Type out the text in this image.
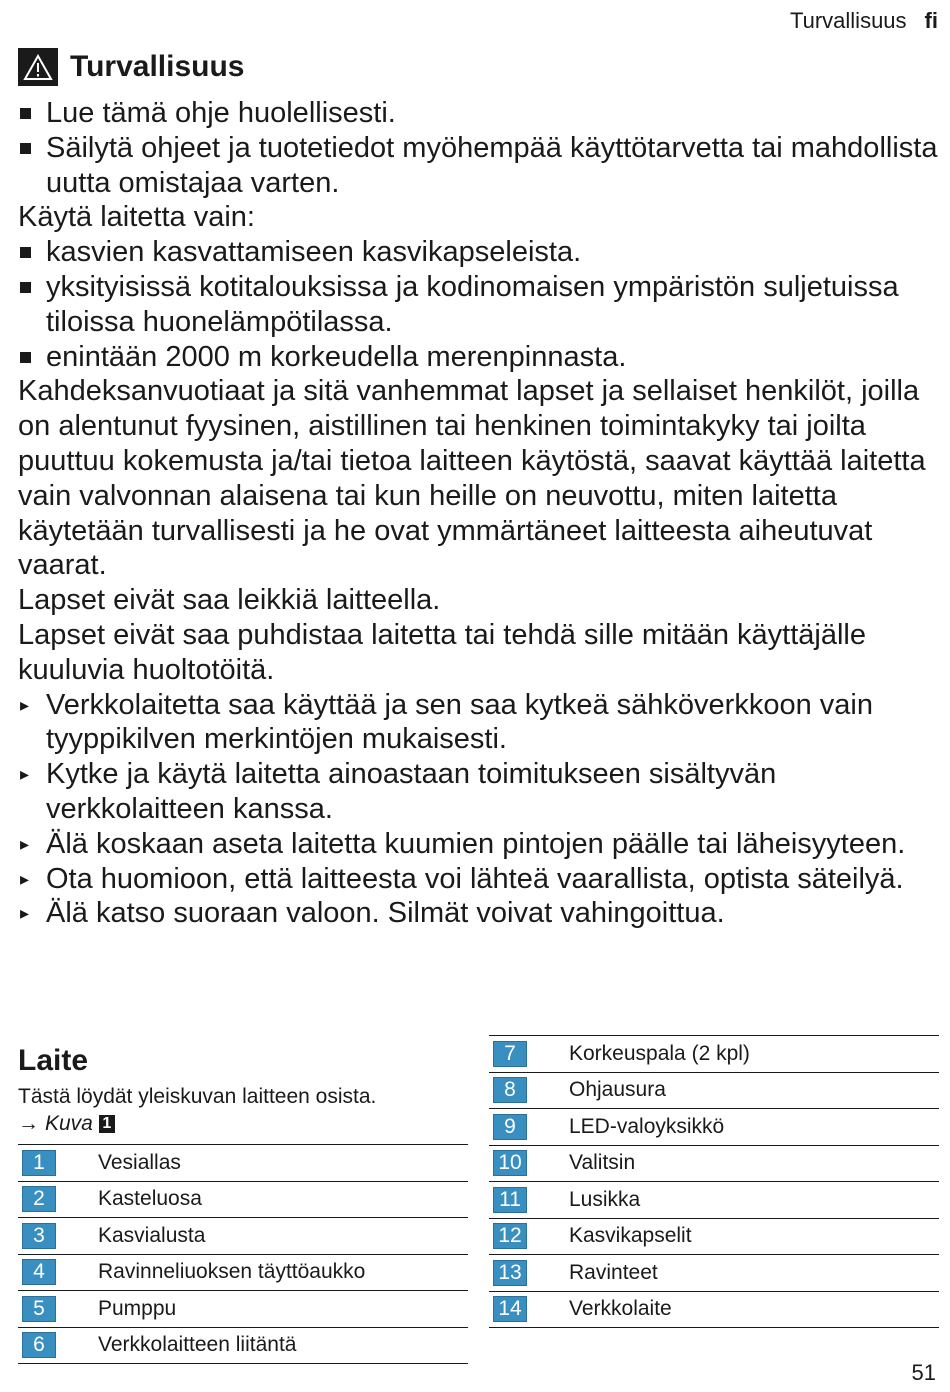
Turvallisuus fi
Turvallisuus
Lue tämä ohje huolellisesti.
Säilytä ohjeet ja tuotetiedot myöhempää käyttötarvetta tai mahdollista uutta omistajaa varten.

Käytä laitetta vain:

kasvien kasvattamiseen kasvikapseleista.
yksityisissä kotitalouksissa ja kodinomaisen ympäristön suljetuissa tiloissa huonelämpötilassa.
enintään 2000 m korkeudella merenpinnasta.

Kahdeksanvuotiaat ja sitä vanhemmat lapset ja sellaiset henkilöt, joilla on alentunut fyysinen, aistillinen tai henkinen toimintakyky tai joilta puuttuu kokemusta ja/tai tietoa laitteen käytöstä, saavat käyttää laitetta vain valvonnan alaisena tai kun heille on neuvottu, miten laitetta käytetään turvallisesti ja he ovat ymmärtäneet laitteesta aiheutuvat vaarat.

Lapset eivät saa leikkiä laitteella.

Lapset eivät saa puhdistaa laitetta tai tehdä sille mitään käyttäjälle kuuluvia huoltotöitä.

▸ Verkkolaitetta saa käyttää ja sen saa kytkeä sähköverkkoon vain tyyppikilven merkintöjen mukaisesti.
▸ Kytke ja käytä laitetta ainoastaan toimitukseen sisältyvän verkkolaitteen kanssa.
▸ Älä koskaan aseta laitetta kuumien pintojen päälle tai läheisyyteen.
▸ Ota huomioon, että laitteesta voi lähteä vaarallista, optista säteilyä.
▸ Älä katso suoraan valoon. Silmät voivat vahingoittua.
Laite

Tästä löydät yleiskuvan laitteen osista.

→ Kuva 1
1	Vesiallas
2	Kasteluosa
3	Kasvialusta
4	Ravinneliuoksen täyttöaukko
5	Pumppu
6	Verkkolaitteen liitäntä
7	Korkeuspala (2 kpl)
8	Ohjausura
9	LED-valoyksikkö
10	Valitsin
11	Lusikka
12	Kasvikapselit
13	Ravinteet
14	Verkkolaite
51
